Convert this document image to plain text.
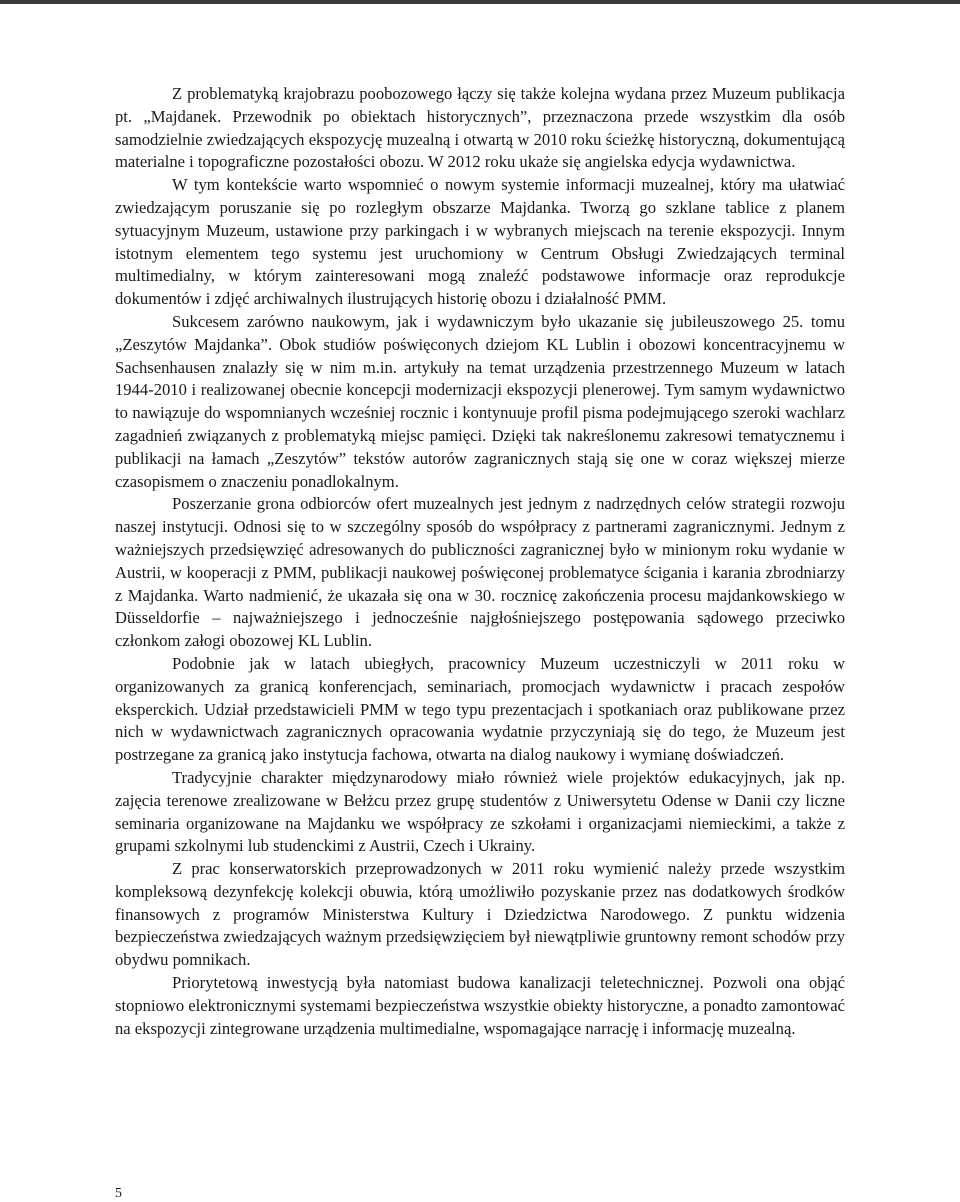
Z problematyką krajobrazu poobozowego łączy się także kolejna wydana przez Muzeum publikacja pt. „Majdanek. Przewodnik po obiektach historycznych”, przeznaczona przede wszystkim dla osób samodzielnie zwiedzających ekspozycję muzealną i otwartą w 2010 roku ścieżkę historyczną, dokumentującą materialne i topograficzne pozostałości obozu. W 2012 roku ukaże się angielska edycja wydawnictwa.

W tym kontekście warto wspomnieć o nowym systemie informacji muzealnej, który ma ułatwiać zwiedzającym poruszanie się po rozległym obszarze Majdanka. Tworzą go szklane tablice z planem sytuacyjnym Muzeum, ustawione przy parkingach i w wybranych miejscach na terenie ekspozycji. Innym istotnym elementem tego systemu jest uruchomiony w Centrum Obsługi Zwiedzających terminal multimedialny, w którym zainteresowani mogą znaleźć podstawowe informacje oraz reprodukcje dokumentów i zdjęć archiwalnych ilustrujących historię obozu i działalność PMM.

Sukcesem zarówno naukowym, jak i wydawniczym było ukazanie się jubileuszowego 25. tomu „Zeszytów Majdanka”. Obok studiów poświęconych dziejom KL Lublin i obozowi koncentracyjnemu w Sachsenhausen znalazły się w nim m.in. artykuły na temat urządzenia przestrzennego Muzeum w latach 1944-2010 i realizowanej obecnie koncepcji modernizacji ekspozycji plenerowej. Tym samym wydawnictwo to nawiązuje do wspomnianych wcześniej rocznic i kontynuuje profil pisma podejmującego szeroki wachlarz zagadnień związanych z problematyką miejsc pamięci. Dzięki tak nakreślonemu zakresowi tematycznemu i publikacji na łamach „Zeszytów” tekstów autorów zagranicznych stają się one w coraz większej mierze czasopismem o znaczeniu ponadlokalnym.

Poszerzanie grona odbiorców ofert muzealnych jest jednym z nadrzędnych celów strategii rozwoju naszej instytucji. Odnosi się to w szczególny sposób do współpracy z partnerami zagranicznymi. Jednym z ważniejszych przedsięwzięć adresowanych do publiczności zagranicznej było w minionym roku wydanie w Austrii, w kooperacji z PMM, publikacji naukowej poświęconej problematyce ścigania i karania zbrodniarzy z Majdanka. Warto nadmienić, że ukazała się ona w 30. rocznicę zakończenia procesu majdankowskiego w Düsseldorfie – najważniejszego i jednocześnie najgłośniejszego postępowania sądowego przeciwko członkom załogi obozowej KL Lublin.

Podobnie jak w latach ubiegłych, pracownicy Muzeum uczestniczyli w 2011 roku w organizowanych za granicą konferencjach, seminariach, promocjach wydawnictw i pracach zespołów eksperckich. Udział przedstawicieli PMM w tego typu prezentacjach i spotkaniach oraz publikowane przez nich w wydawnictwach zagranicznych opracowania wydatnie przyczyniają się do tego, że Muzeum jest postrzegane za granicą jako instytucja fachowa, otwarta na dialog naukowy i wymianę doświadczeń.

Tradycyjnie charakter międzynarodowy miało również wiele projektów edukacyjnych, jak np. zajęcia terenowe zrealizowane w Bełżcu przez grupę studentów z Uniwersytetu Odense w Danii czy liczne seminaria organizowane na Majdanku we współpracy ze szkołami i organizacjami niemieckimi, a także z grupami szkolnymi lub studenckimi z Austrii, Czech i Ukrainy.

Z prac konserwatorskich przeprowadzonych w 2011 roku wymienić należy przede wszystkim kompleksową dezynfekcję kolekcji obuwia, którą umożliwiło pozyskanie przez nas dodatkowych środków finansowych z programów Ministerstwa Kultury i Dziedzictwa Narodowego. Z punktu widzenia bezpieczeństwa zwiedzających ważnym przedsięwzięciem był niewątpliwie gruntowny remont schodów przy obydwu pomnikach.

Priorytetową inwestycją była natomiast budowa kanalizacji teletechnicznej. Pozwoli ona objąć stopniowo elektronicznymi systemami bezpieczeństwa wszystkie obiekty historyczne, a ponadto zamontować na ekspozycji zintegrowane urządzenia multimedialne, wspomagające narrację i informację muzealną.

5
